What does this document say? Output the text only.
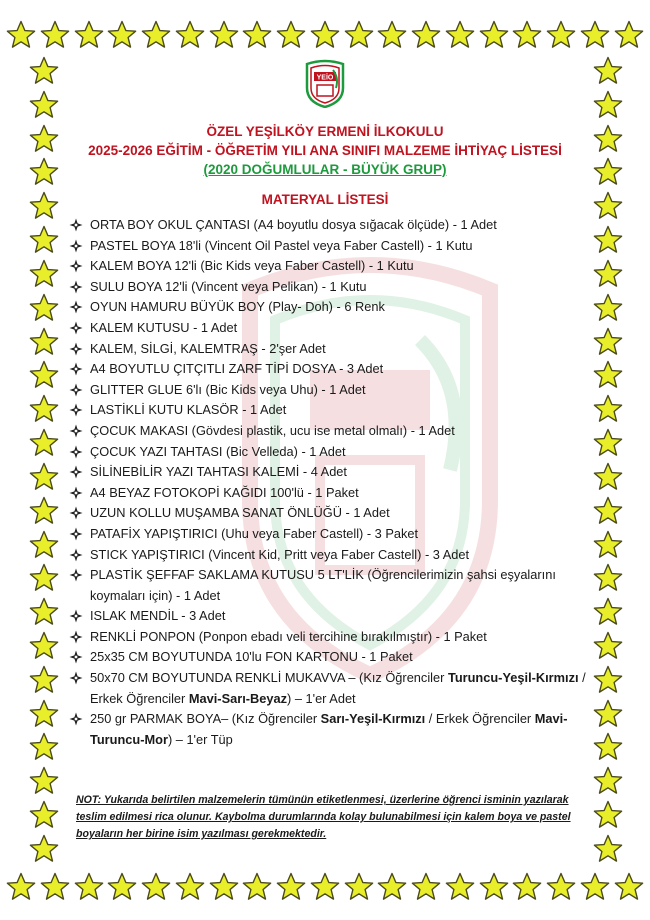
YEİO
ÖZEL YEŞİLKÖY ERMENİ İLKOKULU
2025-2026 EĞİTİM - ÖĞRETİM YILI ANA SINIFI MALZEME İHTİYAÇ LİSTESİ
(2020 DOĞUMLULAR - BÜYÜK GRUP)
MATERYAL LİSTESİ
ORTA BOY OKUL ÇANTASI (A4 boyutlu dosya sığacak ölçüde) - 1 Adet
PASTEL BOYA 18'li (Vincent Oil Pastel veya Faber Castell) - 1 Kutu
KALEM BOYA 12'li (Bic Kids veya Faber Castell) - 1 Kutu
SULU BOYA 12'li (Vincent veya Pelikan) - 1 Kutu
OYUN HAMURU BÜYÜK BOY (Play- Doh) - 6 Renk
KALEM KUTUSU - 1 Adet
KALEM, SİLGİ, KALEMTRAŞ - 2'şer Adet
A4 BOYUTLU ÇITÇITLI ZARF TİPİ DOSYA - 3 Adet
GLITTER GLUE 6'lı (Bic Kids veya Uhu) - 1 Adet
LASTİKLİ KUTU KLASÖR - 1 Adet
ÇOCUK MAKASI (Gövdesi plastik, ucu ise metal olmalı) - 1 Adet
ÇOCUK YAZI TAHTASI (Bic Velleda) - 1 Adet
SİLİNEBİLİR YAZI TAHTASI KALEMİ - 4 Adet
A4 BEYAZ FOTOKOPİ KAĞIDI 100'lü - 1 Paket
UZUN KOLLU MUŞAMBA SANAT ÖNLÜĞÜ - 1 Adet
PATAFİX YAPIŞTIRICI (Uhu veya Faber Castell) - 3 Paket
STICK YAPIŞTIRICI (Vincent Kid, Pritt veya Faber Castell) - 3 Adet
PLASTİK ŞEFFAF SAKLAMA KUTUSU 5 LT'LİK (Öğrencilerimizin şahsi eşyalarını koymaları için) - 1 Adet
ISLAK MENDİL - 3 Adet
RENKLİ PONPON (Ponpon ebadı veli tercihine bırakılmıştır) - 1 Paket
25x35 CM BOYUTUNDA 10'lu FON KARTONU - 1 Paket
50x70 CM BOYUTUNDA RENKLİ MUKAVVA – (Kız Öğrenciler Turuncu-Yeşil-Kırmızı / Erkek Öğrenciler Mavi-Sarı-Beyaz) – 1'er Adet
250 gr PARMAK BOYA– (Kız Öğrenciler Sarı-Yeşil-Kırmızı / Erkek Öğrenciler Mavi-Turuncu-Mor) – 1'er Tüp
NOT: Yukarıda belirtilen malzemelerin tümünün etiketlenmesi, üzerlerine öğrenci isminin yazılarak teslim edilmesi rica olunur. Kaybolma durumlarında kolay bulunabilmesi için kalem boya ve pastel boyaların her birine isim yazılması gerekmektedir.
